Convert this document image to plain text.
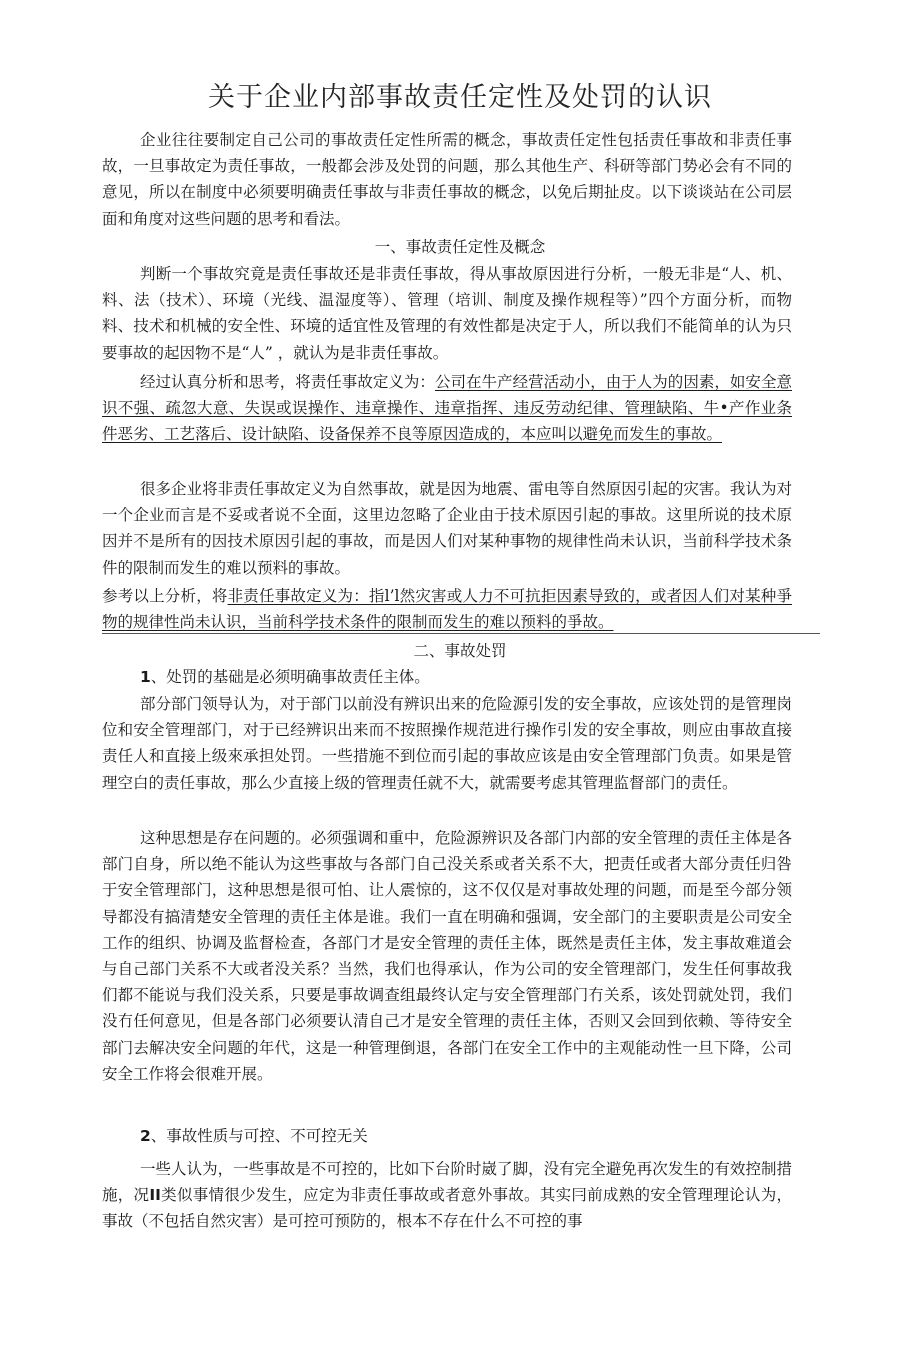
关于企业内部事故责任定性及处罚的认识

企业往往要制定自己公司的事故责任定性所需的概念，事故责任定性包括责任事故和非责任事故，一旦事故定为责任事故，一般都会涉及处罚的问题，那么其他生产、科研等部门势必会有不同的意见，所以在制度中必须要明确责任事故与非责任事故的概念，以免后期扯皮。以下谈谈站在公司层面和角度对这些问题的思考和看法。

一、事故责任定性及概念

判断一个事故究竟是责任事故还是非责任事故，得从事故原因进行分析，一般无非是“人、机、料、法（技术）、环境（光线、温湿度等）、管理（培训、制度及操作规程等）”四个方面分析，而物料、技术和机械的安全性、环境的适宜性及管理的有效性都是决定于人，所以我们不能简单的认为只要事故的起因物不是“人” ，就认为是非责任事故。

经过认真分析和思考，将责任事故定义为：公司在牛产经营活动小，由于人为的因素，如安全意识不强、疏忽大意、失误或误操作、违章操作、违章指挥、违反劳动纪律、管理缺陷、牛•产作业条件恶劣、工艺落后、设计缺陷、设备保养不良等原因造成的，本应叫以避免而发生的事故。

很多企业将非责任事故定义为自然事故，就是因为地震、雷电等自然原因引起的灾害。我认为对一个企业而言是不妥或者说不全面，这里边忽略了企业由于技术原因引起的事故。这里所说的技术原因并不是所有的因技术原因引起的事故，而是因人们对某种事物的规律性尚未认识，当前科学技术条件的限制而发生的难以预料的事故。

参考以上分析，将非责任事故定义为：指l’l然灾害或人力不可抗拒因素导致的，或者因人们对某种爭物的规律性尚未认识，当前科学技术条件的限制而发生的难以预料的爭故。

二、事故处罚
1、处罚的基础是必须明确事故责任主体。

部分部门领导认为，对于部门以前没有辨识出来的危险源引发的安全事故，应该处罚的是管理岗位和安全管理部门，对于已经辨识出来而不按照操作规范进行操作引发的安全事故，则应由事故直接责任人和直接上级來承担处罚。一些措施不到位而引起的事故应该是由安全管理部门负责。如果是管理空白的责任事故，那么少直接上级的管理责任就不大，就需要考虑其管理监督部门的责任。

这种思想是存在问题的。必须强调和重中，危险源辨识及各部门内部的安全管理的责任主体是各部门自身，所以绝不能认为这些事故与各部门自己没关系或者关系不大，把责任或者大部分责任归咎于安全管理部门，这种思想是很可怕、让人震惊的，这不仅仅是对事故处理的问题，而是至今部分领导都没有搞清楚安全管理的责任主体是谁。我们一直在明确和强调，安全部门的主要职责是公司安全工作的组织、协调及监督检查，各部门才是安全管理的责任主体，既然是责任主体，发主事故难道会与自己部门关系不大或者没关系？当然，我们也得承认，作为公司的安全管理部门，发生任何事故我们都不能说与我们没关系，只要是事故调查组最终认定与安全管理部门冇关系，该处罚就处罚，我们没冇任何意见，但是各部门必须要认清自己才是安全管理的责任主体，否则又会回到依赖、等待安全部门去解决安全问题的年代，这是一种管理倒退，各部门在安全工作中的主观能动性一旦下降，公司安全工作将会很难开展。

2、事故性质与可控、不可控无关

一些人认为，一些事故是不可控的，比如下台阶时崴了脚，没有完全避免再次发生的有效控制措施，况II类似事情很少发生，应定为非责任事故或者意外事故。其实冃前成熟的安全管理理论认为，事故（不包括自然灾害）是可控可预防的，根本不存在什么不可控的事
